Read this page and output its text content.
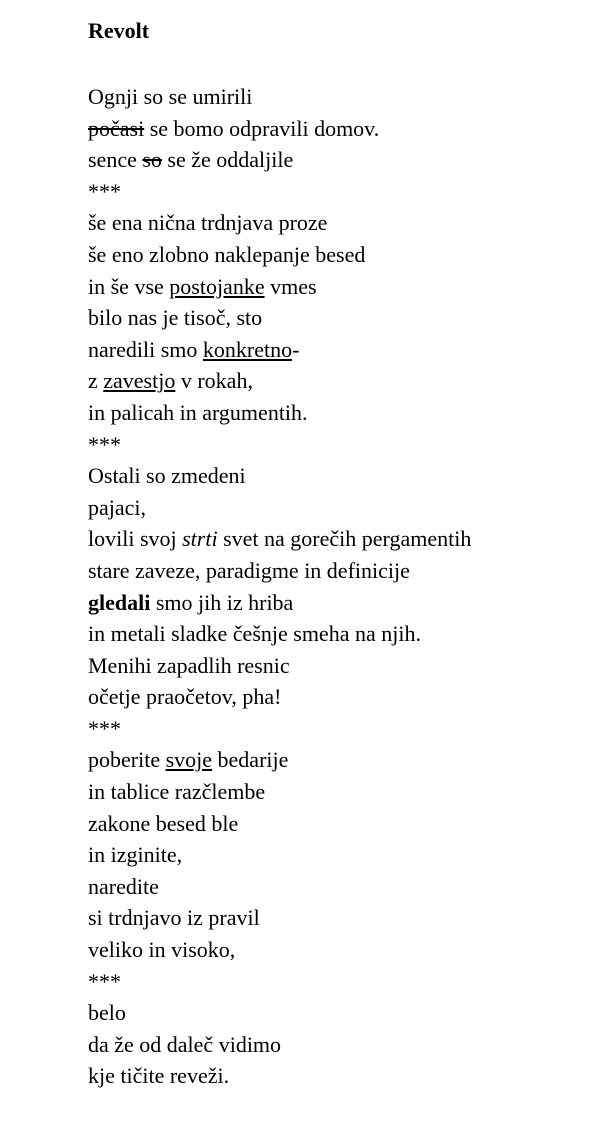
Revolt
Ognji so se umirili
počasi se bomo odpravili domov.
sence so se že oddaljile
***
še ena nična trdnjava proze
še eno zlobno naklepanje besed
in še vse postojanke vmes
bilo nas je tisoč, sto
naredili smo konkretno-
z zavestjo v rokah,
in palicah in argumentih.
***
Ostali so zmedeni
pajaci,
lovili svoj strti svet na gorečih pergamentih
stare zaveze, paradigme in definicije
gledali smo jih iz hriba
in metali sladke češnje smeha na njih.
Menihi zapadlih resnic
očetje praočetov, pha!
***
poberite svoje bedarije
in tablice razčlembe
zakone besed ble
in izginite,
naredite
si trdnjavo iz pravil
veliko in visoko,
***
belo
da že od daleč vidimo
kje tičite reveži.
